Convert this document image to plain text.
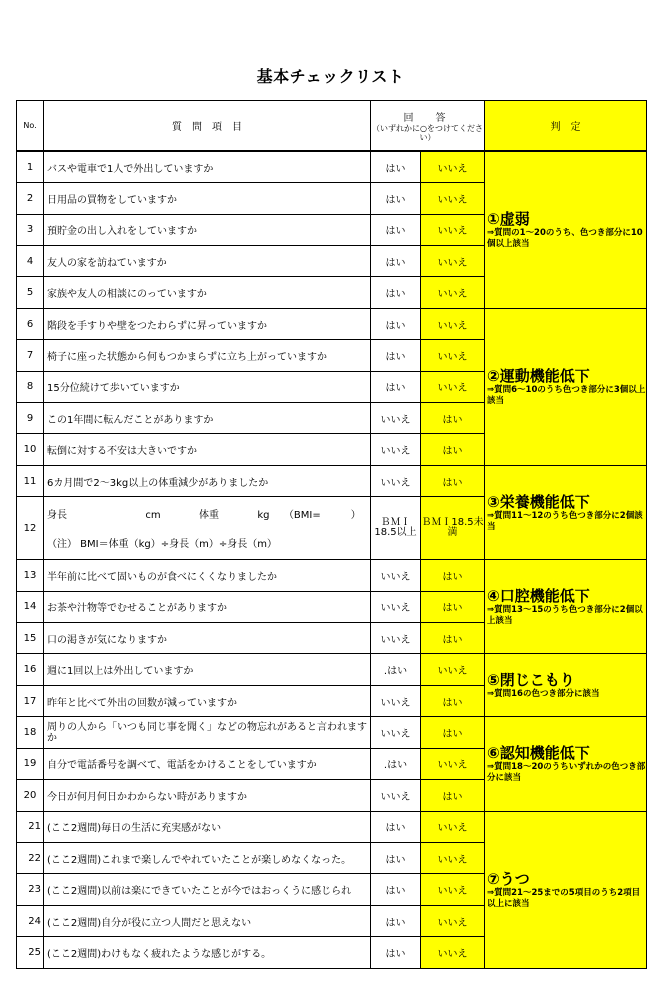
基本チェックリスト
No.	質　問　項　目	回　答
（いずれかに○をつけてください）		判　定
1	バスや電車で1人で外出していますか	はい	いいえ	①虚弱
⇒質問の1～20のうち、色つき部分に10個以上該当

2	日用品の買物をしていますか	はい	いいえ	
3	預貯金の出し入れをしていますか	はい	いいえ	
4	友人の家を訪ねていますか	はい	いいえ	
5	家族や友人の相談にのっていますか	はい	いいえ	
6	階段を手すりや壁をつたわらずに昇っていますか	はい	いいえ	②運動機能低下
⇒質問6～10のうち色つき部分に3個以上該当

7	椅子に座った状態から何もつかまらずに立ち上がっていますか	はい	いいえ	
8	15分位続けて歩いていますか	はい	いいえ	
9	この1年間に転んだことがありますか	いいえ	はい	
10	転倒に対する不安は大きいですか	いいえ	はい	
11	6カ月間で2～3kg以上の体重減少がありましたか	いいえ	はい	③栄養機能低下
⇒質問11～12のうち色つき部分に2個該当

12	身長 cm 体重 kg （BMI=　　　）
（注） BMI＝体重（kg）÷身長（m）÷身長（m）	ＢＭＩ18.5以上	ＢＭＩ18.5未満	
13	半年前に比べて固いものが食べにくくなりましたか	いいえ	はい	④口腔機能低下
⇒質問13～15のうち色つき部分に2個以上該当

14	お茶や汁物等でむせることがありますか	いいえ	はい	
15	口の渇きが気になりますか	いいえ	はい	
16	週に1回以上は外出していますか	.はい	いいえ	⑤閉じこもり
⇒質問16の色つき部分に該当

17	昨年と比べて外出の回数が減っていますか	いいえ	はい	
18	周りの人から「いつも同じ事を聞く」などの物忘れがあると言われますか	いいえ	はい	⑥認知機能低下
⇒質問18～20のうちいずれかの色つき部分に該当

19	自分で電話番号を調べて、電話をかけることをしていますか	.はい	いいえ	
20	今日が何月何日かわからない時がありますか	いいえ	はい	
21	(ここ2週間)毎日の生活に充実感がない	はい	いいえ	⑦うつ
⇒質問21～25までの5項目のうち2項目以上に該当

22	(ここ2週間)これまで楽しんでやれていたことが楽しめなくなった。	はい	いいえ	
23	(ここ2週間)以前は楽にできていたことが今ではおっくうに感じられ	はい	いいえ	
24	(ここ2週間)自分が役に立つ人間だと思えない	はい	いいえ	
25	(ここ2週間)わけもなく疲れたような感じがする。	はい	いいえ	
